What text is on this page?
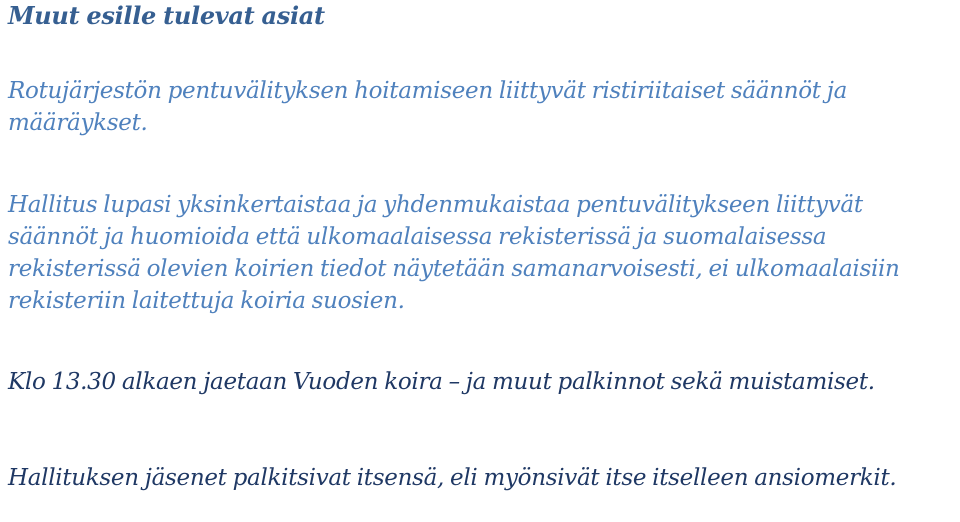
Muut esille tulevat asiat

Rotujärjestön pentuvälityksen hoitamiseen liittyvät ristiriitaiset säännöt ja määräykset.

Hallitus lupasi yksinkertaistaa ja yhdenmukaistaa pentuvälitykseen liittyvät säännöt ja huomioida että ulkomaalaisessa rekisterissä ja suomalaisessa rekisterissä olevien koirien tiedot näytetään samanarvoisesti, ei ulkomaalaisiin rekisteriin laitettuja koiria suosien.

Klo 13.30 alkaen jaetaan Vuoden koira – ja muut palkinnot sekä muistamiset.

Hallituksen jäsenet palkitsivat itsensä, eli myönsivät itse itselleen ansiomerkit.
